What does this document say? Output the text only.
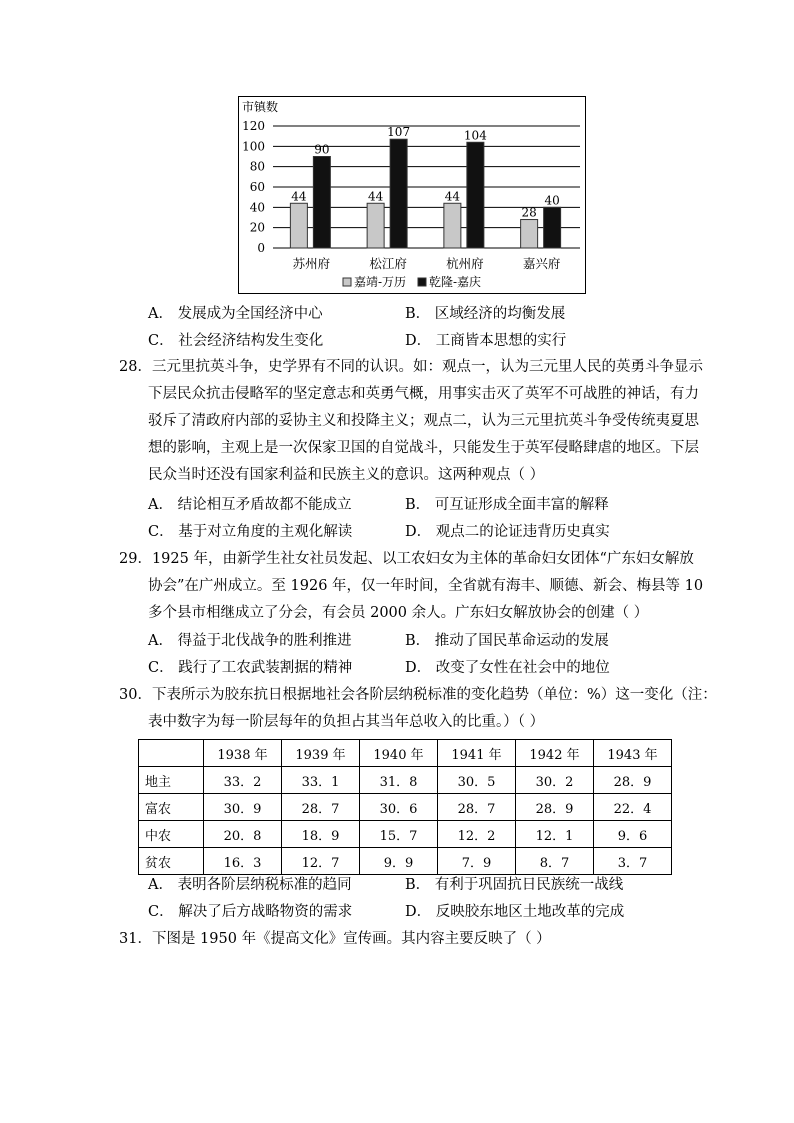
市镇数
0
20
40
60
80
100
120
44
90
苏州府
44
107
松江府
44
104
杭州府
28
40
嘉兴府
嘉靖-万历 乾隆-嘉庆
A． 发展成为全国经济中心	B． 区域经济的均衡发展
C． 社会经济结构发生变化	D． 工商皆本思想的实行
28．三元里抗英斗争，史学界有不同的认识。如：观点一，认为三元里人民的英勇斗争显示
下层民众抗击侵略军的坚定意志和英勇气概，用事实击灭了英军不可战胜的神话，有力
驳斥了清政府内部的妥协主义和投降主义；观点二，认为三元里抗英斗争受传统夷夏思
想的影响，主观上是一次保家卫国的自觉战斗，只能发生于英军侵略肆虐的地区。下层
民众当时还没有国家利益和民族主义的意识。这两种观点（ ）
A． 结论相互矛盾故都不能成立	B． 可互证形成全面丰富的解释
C． 基于对立角度的主观化解读	D． 观点二的论证违背历史真实
29．1925 年，由新学生社女社员发起、以工农妇女为主体的革命妇女团体“广东妇女解放
协会”在广州成立。至 1926 年，仅一年时间，全省就有海丰、顺德、新会、梅县等 10
多个县市相继成立了分会，有会员 2000 余人。广东妇女解放协会的创建（ ）
A． 得益于北伐战争的胜利推进	B． 推动了国民革命运动的发展
C． 践行了工农武装割据的精神	D． 改变了女性在社会中的地位
30．下表所示为胶东抗日根据地社会各阶层纳税标准的变化趋势（单位：%）这一变化（注：
表中数字为每一阶层每年的负担占其当年总收入的比重。）（ ）
	1938 年	1939 年	1940 年	1941 年	1942 年	1943 年
地主	33．2	33．1	31．8	30．5	30．2	28．9
富农	30．9	28．7	30．6	28．7	28．9	22．4
中农	20．8	18．9	15．7	12．2	12．1	9．6
贫农	16．3	12．7	9．9	7．9	8．7	3．7
A． 表明各阶层纳税标准的趋同	B． 有利于巩固抗日民族统一战线
C． 解决了后方战略物资的需求	D． 反映胶东地区土地改革的完成
31．下图是 1950 年《提高文化》宣传画。其内容主要反映了（ ）
